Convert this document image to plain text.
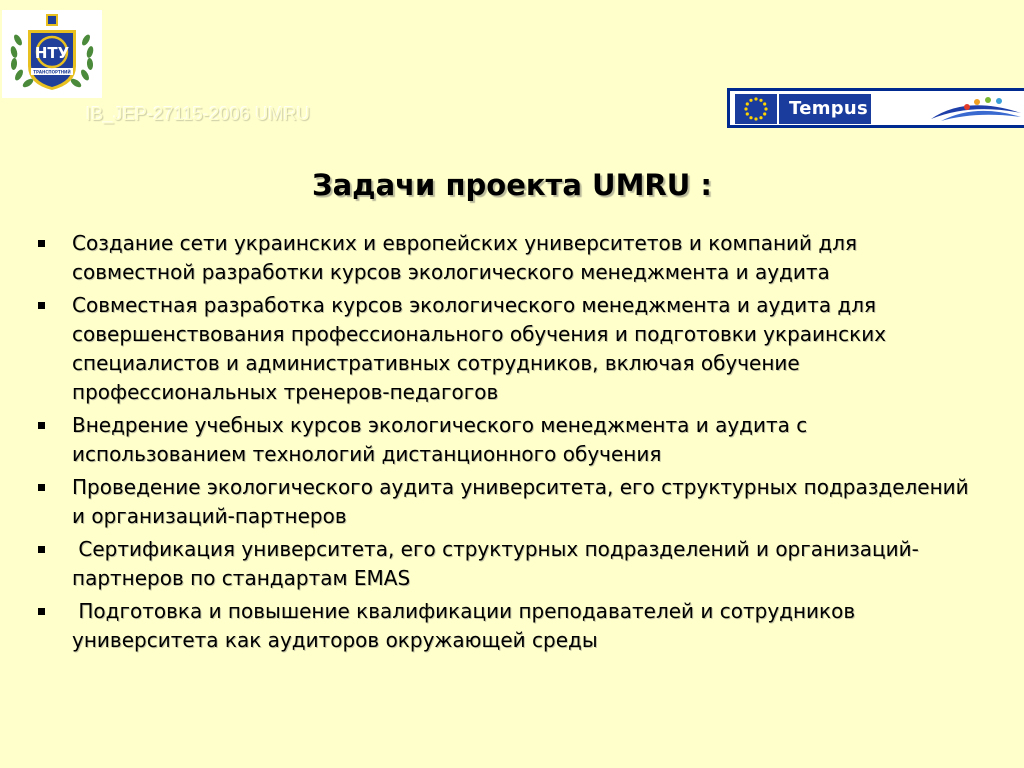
НТУ
ТРАНСПОРТНИЙ
IB_JEP-27115-2006 UMRU	Tempus
Задачи проекта UMRU :
Создание сети украинских и европейских университетов и компаний для совместной разработки курсов экологического менеджмента и аудита
Совместная разработка курсов экологического менеджмента и аудита для совершенствования профессионального обучения и подготовки украинских специалистов и административных сотрудников, включая обучение профессиональных тренеров-педагогов
Внедрение учебных курсов экологического менеджмента и аудита с использованием технологий дистанционного обучения
Проведение экологического аудита университета, его структурных подразделений и организаций-партнеров
Сертификация университета, его структурных подразделений и организаций-партнеров по стандартам EMAS
Подготовка и повышение квалификации преподавателей и сотрудников университета как аудиторов окружающей среды
